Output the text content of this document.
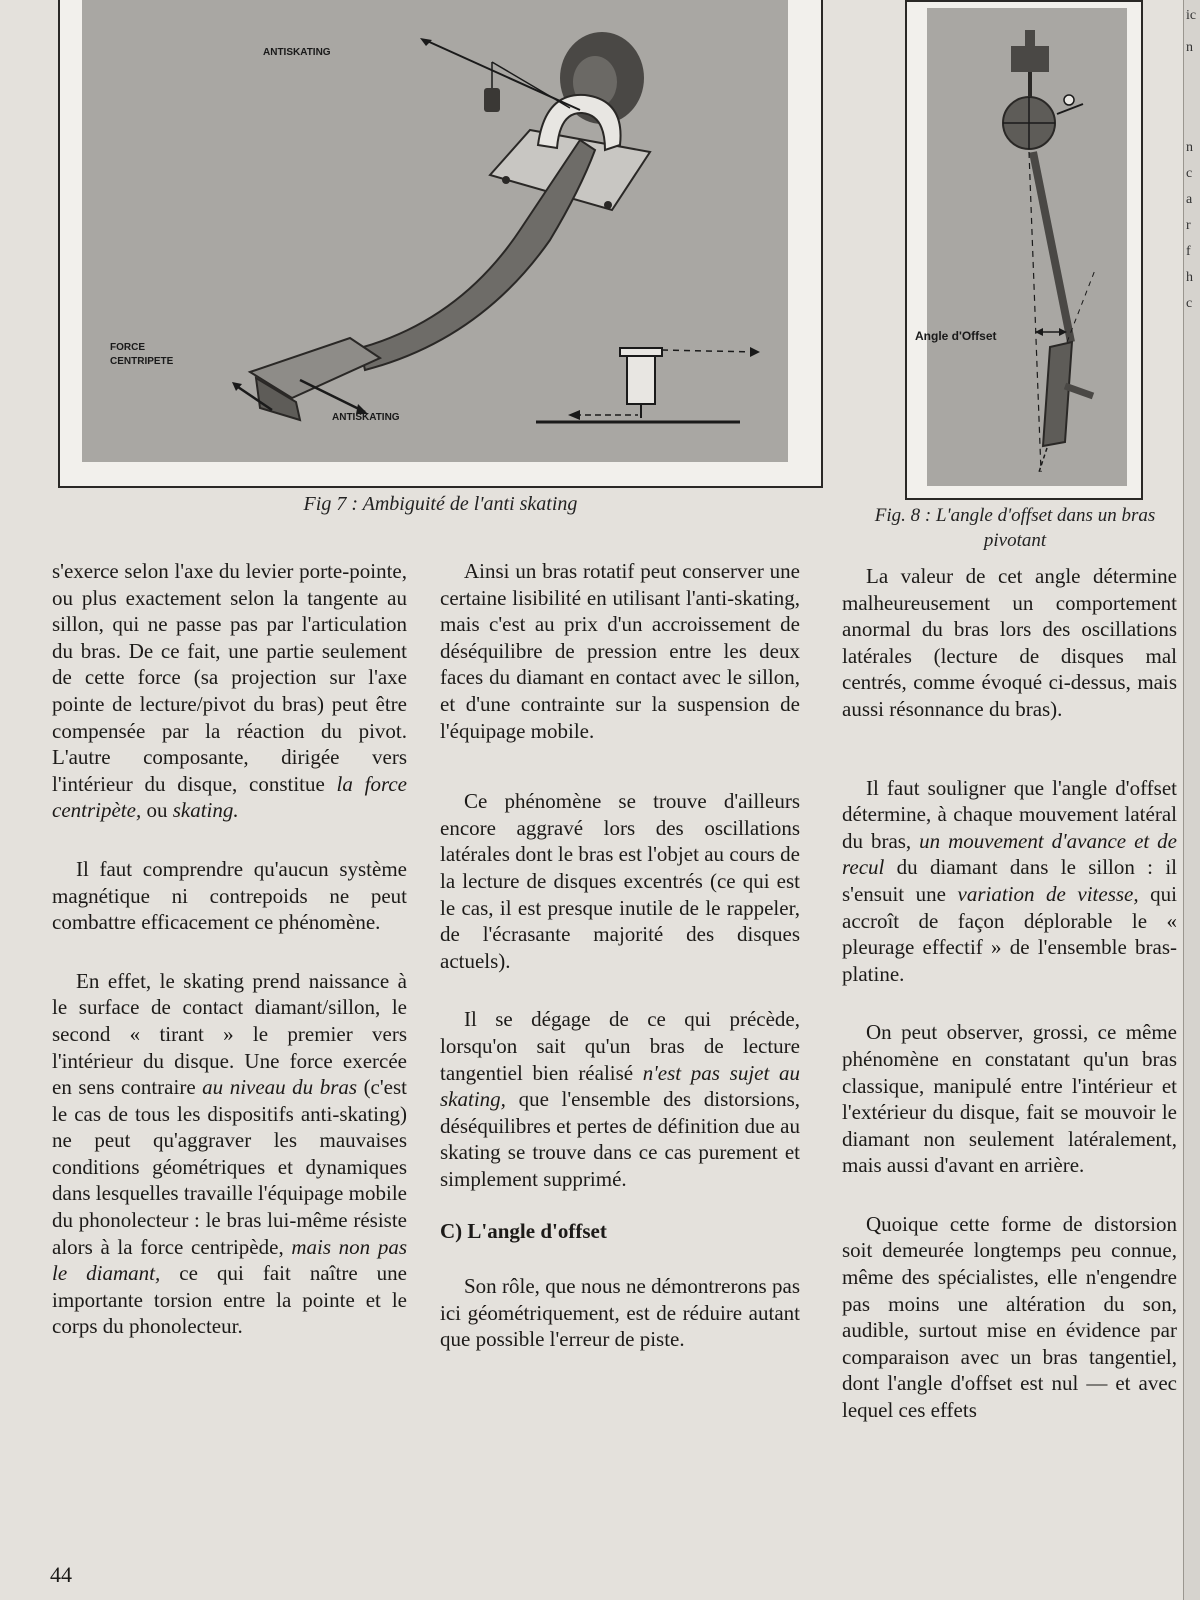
ANTISKATING
FORCE
CENTRIPETE
ANTISKATING
Fig 7 : Ambiguité de l'anti skating
Angle d'Offset
Fig. 8 : L'angle d'offset dans un bras
pivotant

s'exerce selon l'axe du levier porte-pointe, ou plus exactement selon la tangente au sillon, qui ne passe pas par l'articulation du bras. De ce fait, une partie seulement de cette force (sa projection sur l'axe pointe de lecture/pivot du bras) peut être compensée par la réaction du pivot. L'autre composante, dirigée vers l'intérieur du disque, constitue la force centripète, ou skating.

Il faut comprendre qu'aucun système magnétique ni contrepoids ne peut combattre efficacement ce phénomène.

En effet, le skating prend naissance à le surface de contact diamant/sillon, le second « tirant » le premier vers l'intérieur du disque. Une force exercée en sens contraire au niveau du bras (c'est le cas de tous les dispositifs anti-skating) ne peut qu'aggraver les mauvaises conditions géométriques et dynamiques dans lesquelles travaille l'équipage mobile du phonolecteur : le bras lui-même résiste alors à la force centripède, mais non pas le diamant, ce qui fait naître une importante torsion entre la pointe et le corps du phonolecteur.

Ainsi un bras rotatif peut conserver une certaine lisibilité en utilisant l'anti-skating, mais c'est au prix d'un accroissement de déséquilibre de pression entre les deux faces du diamant en contact avec le sillon, et d'une contrainte sur la suspension de l'équipage mobile.

Ce phénomène se trouve d'ailleurs encore aggravé lors des oscillations latérales dont le bras est l'objet au cours de la lecture de disques excentrés (ce qui est le cas, il est presque inutile de le rappeler, de l'écrasante majorité des disques actuels).

Il se dégage de ce qui précède, lorsqu'on sait qu'un bras de lecture tangentiel bien réalisé n'est pas sujet au skating, que l'ensemble des distorsions, déséquilibres et pertes de définition due au skating se trouve dans ce cas purement et simplement supprimé.

C) L'angle d'offset

Son rôle, que nous ne démontrerons pas ici géométriquement, est de réduire autant que possible l'erreur de piste.

La valeur de cet angle détermine malheureusement un comportement anormal du bras lors des oscillations latérales (lecture de disques mal centrés, comme évoqué ci-dessus, mais aussi résonnance du bras).

Il faut souligner que l'angle d'offset détermine, à chaque mouvement latéral du bras, un mouvement d'avance et de recul du diamant dans le sillon : il s'ensuit une variation de vitesse, qui accroît de façon déplorable le « pleurage effectif » de l'ensemble bras-platine.

On peut observer, grossi, ce même phénomène en constatant qu'un bras classique, manipulé entre l'intérieur et l'extérieur du disque, fait se mouvoir le diamant non seulement latéralement, mais aussi d'avant en arrière.

Quoique cette forme de distorsion soit demeurée longtemps peu connue, même des spécialistes, elle n'engendre pas moins une altération du son, audible, surtout mise en évidence par comparaison avec un bras tangentiel, dont l'angle d'offset est nul — et avec lequel ces effets

44
ic
n
n
c
a
r
f
h
c
